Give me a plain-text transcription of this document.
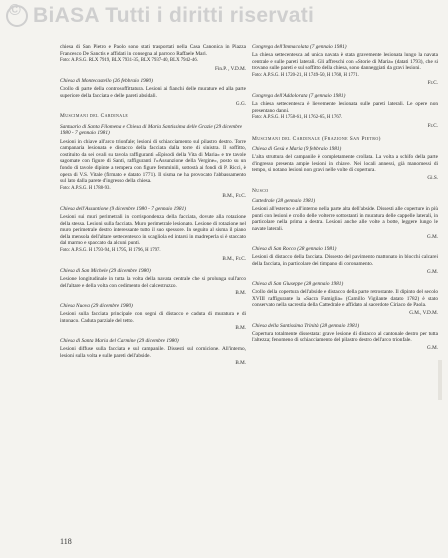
©
BiASA Tutti i diritti riservati
chiesa di San Pietro e Paolo sono stati trasportati nella Casa Canonica in Piazza Francesco De Sanctis e affidati in consegna al parroco Raffaele Mari.
Foto: A.P.S.G. RLX 7919, BLX 7931-35, BLX 7937-40, BLX 7942-46.
Fin.P. , V.D.M.
Chiesa di Montecastello (26 febbraio 1980)
Crollo di parte della controsoffittatura. Lesioni ai fianchi delle murature ed alla parte superiore della facciata e delle pareti absidali.
G.G.
Muscimani del Cardinale
Santuario di Santa Filomena e Chiesa di Maria Santissima delle Grazie (29 dicembre 1980 - 7 gennaio 1981)
Lesioni in chiave all'arco trionfale; lesioni di schiacciamento sul pilastro destro. Torre campanaria lesionata e distacco della facciata dalla torre di sinistra. Il soffitto, costituito da sei ovali su tavola raffiguranti «Episodi della Vita di Maria» e tre tavole sagomate con figure di Santi, raffiguranti l'«Assunzione della Vergine», posto su un fondo di tavole dipinte a tempera con figure femminili, sottostà ai fondi di P. Ricci, è opera di V.S. Vitale (firmato e datato 1771). Il sisma ne ha provocato l'abbassamento sul lato dalla parete d'ingresso della chiesa.
Foto: A.P.S.G. H 1788-93.
B.M., Fr.C.
Chiesa dell'Assuntione (9 dicembre 1980 - 7 gennaio 1981)
Lesioni sui muri perimetrali in corrispondenza della facciata, dovute alla rotazione della stessa. Lesioni sulla facciata. Muro perimetrale lesionato. Lesione di rotazione nel muro perimetrale destro interessante tutto il suo spessore. In seguito al sisma il piano della mensola dell'altare settecentesco in scagliola ed intarsi in madreperla si è staccato dal marmo e spaccato da alcuni punti.
Foto: A.P.S.G. H 1793-94, H 1795, H 1796, H 1797.
B.M., Fr.C.
Chiesa di San Michele (29 dicembre 1980)
Lesione longitudinale in tutta la volta della navata centrale che si prolunga sull'arco dell'altare e della volta con cedimento del calcestruzzo.
B.M.
Chiesa Nuova (29 dicembre 1980)
Lesioni sulla facciata principale con segni di distacco e caduta di muratura e di intonaco. Caduta parziale del tetto.
B.M.
Chiesa di Santa Maria del Carmine (29 dicembre 1980)
Lesioni diffuse sulla facciata e sul campanile. Dissesti sul cornicione. All'interno, lesioni sulla volta e sulle pareti dell'abside.
B.M.
Congrega dell'Immacolata (7 gennaio 1981)
La chiesa settecentesca ad unica navata è stata gravemente lesionata lungo la navata centrale e sulle pareti laterali. Gli affreschi con «Storie di Maria» (datati 1793), che si trovano sulle pareti e sul soffitto della chiesa, sono danneggiati da gravi lesioni.
Foto: A.P.S.G. H 1720-21, H 1749-50, H 1768, H 1771.
Fr.C.
Congrega dell'Addolorata (7 gennaio 1981)
La chiesa settecentesca è lievemente lesionata sulle pareti laterali. Le opere non presentano danni.
Foto: A.P.S.G. H 1758-61, H 1762-65, H 1767.
Fr.C.
Muscimani del Cardinale (Frazione San Pietro)
Chiesa di Gesù e Maria (9 febbraio 1981)
L'alta struttura del campanile è completamente crollata. La volta a schifo della parte d'ingresso presenta ampie lesioni in chiave. Nei locali annessi, già manomessi di tempo, si notano lesioni non gravi nelle volte di copertura.
Gi.S.
Nusco
Cattedrale (28 gennaio 1981)
Lesioni all'esterno e all'interno nella parte alta dell'abside. Dissesti alle coperture in più punti con lesioni e crollo delle volterre sottostanti in muratura delle cappelle laterali, in particolare nella prima a destra. Lesioni anche alle volte a botte, leggere lungo le navate laterali.
G.M.
Chiesa di San Rocco (28 gennaio 1981)
Lesioni di distacco della facciata. Dissesto del pavimento mattonato in blocchi calcarei della facciata, in particolare dei timpano di coronamento.
G.M.
Chiesa di San Giuseppe (28 gennaio 1981)
Crollo della copertura dell'abside e distacco della parte retrostante. Il dipinto del secolo XVIII raffigurante la «Sacra Famiglia» (Camillo Vigilante datato 1782) è stato conservato nella sacrestia della Cattedrale e affidato al sacerdote Ciriaco de Paola.
G.M., V.D.M.
Chiesa della Santissima Trinità (28 gennaio 1981)
Copertura totalmente dissestata: grave lesione di distacco al cantonale destro per tutta l'altezza; fenomeno di schiacciamento del pilastro destro dell'arco trionfale.
G.M.
118
